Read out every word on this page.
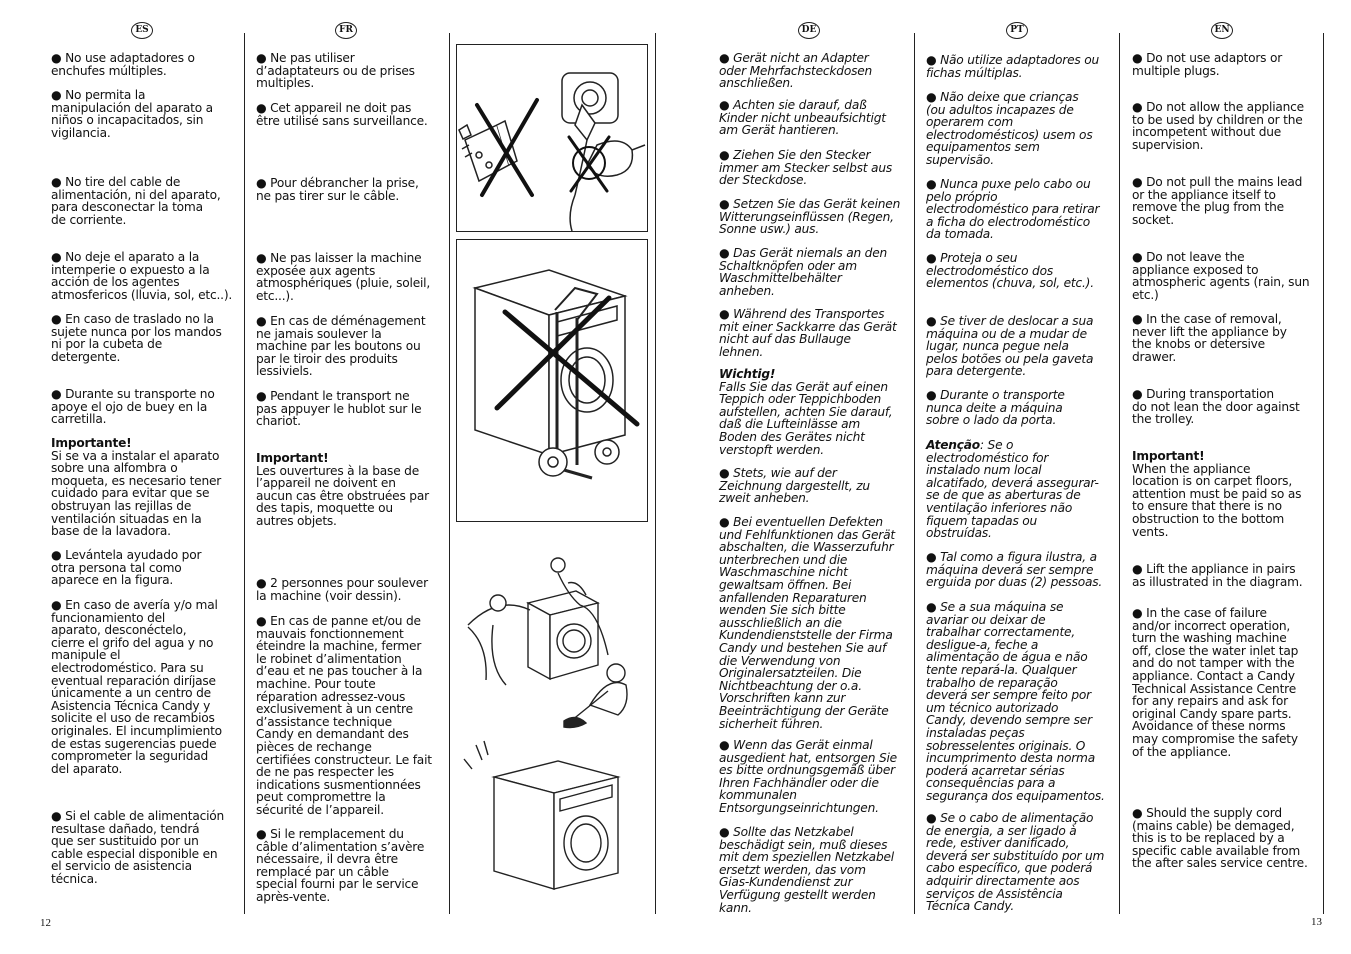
ES	FR

● No use adaptadores o
enchufes múltiples.

● No permita la
manipulación del aparato a
niños o incapacitados, sin
vigilancia.

● No tire del cable de
alimentación, ni del aparato,
para desconectar la toma
de corriente.

● No deje el aparato a la
intemperie o expuesto a la
acción de los agentes
atmosfericos (lluvia, sol, etc..).

● En caso de traslado no la
sujete nunca por los mandos
ni por la cubeta de
detergente.

● Durante su transporte no
apoye el ojo de buey en la
carretilla.

Importante!
Si se va a instalar el aparato
sobre una alfombra o
moqueta, es necesario tener
cuidado para evitar que se
obstruyan las rejillas de
ventilación situadas en la
base de la lavadora.

● Levántela ayudado por
otra persona tal como
aparece en la figura.

● En caso de avería y/o mal
funcionamiento del
aparato, desconéctelo,
cierre el grifo del agua y no
manipule el
electrodoméstico. Para su
eventual reparación diríjase
únicamente a un centro de
Asistencia Técnica Candy y
solicite el uso de recambios
originales. El incumplimiento
de estas sugerencias puede
comprometer la seguridad
del aparato.

● Si el cable de alimentación
resultase dañado, tendrá
que ser sustituido por un
cable especial disponible en
el servicio de asistencia
técnica.

● Ne pas utiliser
d’adaptateurs ou de prises
multiples.

● Cet appareil ne doit pas
être utilisé sans surveillance.

● Pour débrancher la prise,
ne pas tirer sur le câble.

● Ne pas laisser la machine
exposée aux agents
atmosphériques (pluie, soleil,
etc...).

● En cas de déménagement
ne jamais soulever la
machine par les boutons ou
par le tiroir des produits
lessiviels.

● Pendant le transport ne
pas appuyer le hublot sur le
chariot.

Important!
Les ouvertures à la base de
l’appareil ne doivent en
aucun cas être obstruées par
des tapis, moquette ou
autres objets.

● 2 personnes pour soulever
la machine (voir dessin).

● En cas de panne et/ou de
mauvais fonctionnement
éteindre la machine, fermer
le robinet d’alimentation
d’eau et ne pas toucher à la
machine. Pour toute
réparation adressez-vous
exclusivement à un centre
d’assistance technique
Candy en demandant des
pièces de rechange
certifiées constructeur. Le fait
de ne pas respecter les
indications susmentionnées
peut compromettre la
sécurité de l’appareil.

● Si le remplacement du
câble d’alimentation s’avère
nécessaire, il devra être
remplacé par un câble
special fourni par le service
après-vente.

12
DE	PT	EN

● Gerät nicht an Adapter
oder Mehrfachsteckdosen
anschließen.

● Achten sie darauf, daß
Kinder nicht unbeaufsichtigt
am Gerät hantieren.

● Ziehen Sie den Stecker
immer am Stecker selbst aus
der Steckdose.

● Setzen Sie das Gerät keinen
Witterungseinflüssen (Regen,
Sonne usw.) aus.

● Das Gerät niemals an den
Schaltknöpfen oder am
Waschmittelbehälter
anheben.

● Während des Transportes
mit einer Sackkarre das Gerät
nicht auf das Bullauge
lehnen.

Wichtig!
Falls Sie das Gerät auf einen
Teppich oder Teppichboden
aufstellen, achten Sie darauf,
daß die Lufteinlässe am
Boden des Gerätes nicht
verstopft werden.

● Stets, wie auf der
Zeichnung dargestellt, zu
zweit anheben.

● Bei eventuellen Defekten
und Fehlfunktionen das Gerät
abschalten, die Wasserzufuhr
unterbrechen und die
Waschmaschine nicht
gewaltsam öffnen. Bei
anfallenden Reparaturen
wenden Sie sich bitte
ausschließlich an die
Kundendienststelle der Firma
Candy und bestehen Sie auf
die Verwendung von
Originalersatzteilen. Die
Nichtbeachtung der o.a.
Vorschriften kann zur
Beeinträchtigung der Geräte
sicherheit führen.

● Wenn das Gerät einmal
ausgedient hat, entsorgen Sie
es bitte ordnungsgemäß über
Ihren Fachhändler oder die
kommunalen
Entsorgungseinrichtungen.

● Sollte das Netzkabel
beschädigt sein, muß dieses
mit dem speziellen Netzkabel
ersetzt werden, das vom
Gias-Kundendienst zur
Verfügung gestellt werden
kann.

● Não utilize adaptadores ou
fichas múltiplas.

● Não deixe que crianças
(ou adultos incapazes de
operarem com
electrodomésticos) usem os
equipamentos sem
supervisão.

● Nunca puxe pelo cabo ou
pelo próprio
electrodoméstico para retirar
a ficha do electrodoméstico
da tomada.

● Proteja o seu
electrodoméstico dos
elementos (chuva, sol, etc.).

● Se tiver de deslocar a sua
máquina ou de a mudar de
lugar, nunca pegue nela
pelos botões ou pela gaveta
para detergente.

● Durante o transporte
nunca deite a máquina
sobre o lado da porta.

Atenção: Se o
electrodoméstico for
instalado num local
alcatifado, deverá assegurar-
se de que as aberturas de
ventilação inferiores não
fiquem tapadas ou
obstruídas.

● Tal como a figura ilustra, a
máquina deverá ser sempre
erguida por duas (2) pessoas.

● Se a sua máquina se
avariar ou deixar de
trabalhar correctamente,
desligue-a, feche a
alimentação de água e não
tente repará-la. Qualquer
trabalho de reparação
deverá ser sempre feito por
um técnico autorizado
Candy, devendo sempre ser
instaladas peças
sobresselentes originais. O
incumprimento desta norma
poderá acarretar sérias
consequências para a
segurança dos equipamentos.

● Se o cabo de alimentação
de energia, a ser ligado à
rede, estiver danificado,
deverá ser substituído por um
cabo específico, que poderá
adquirir directamente aos
serviços de Assistência
Técnica Candy.

● Do not use adaptors or
multiple plugs.

● Do not allow the appliance
to be used by children or the
incompetent without due
supervision.

● Do not pull the mains lead
or the appliance itself to
remove the plug from the
socket.

● Do not leave the
appliance exposed to
atmospheric agents (rain, sun
etc.)

● In the case of removal,
never lift the appliance by
the knobs or detersive
drawer.

● During transportation
do not lean the door against
the trolley.

Important!
When the appliance
location is on carpet floors,
attention must be paid so as
to ensure that there is no
obstruction to the bottom
vents.

● Lift the appliance in pairs
as illustrated in the diagram.

● In the case of failure
and/or incorrect operation,
turn the washing machine
off, close the water inlet tap
and do not tamper with the
appliance. Contact a Candy
Technical Assistance Centre
for any repairs and ask for
original Candy spare parts.
Avoidance of these norms
may compromise the safety
of the appliance.

● Should the supply cord
(mains cable) be demaged,
this is to be replaced by a
specific cable available from
the after sales service centre.

13
